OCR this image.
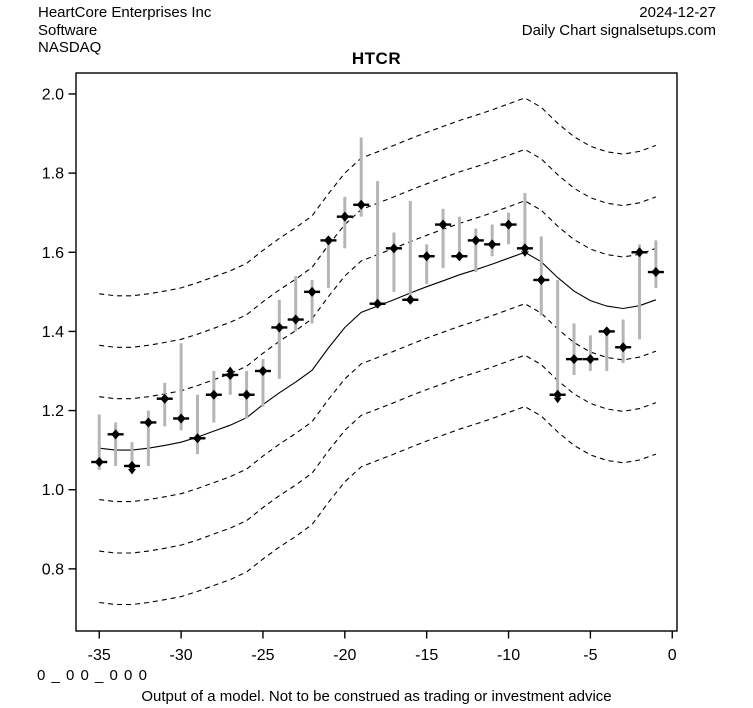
HeartCore Enterprises Inc
Software
NASDAQ
2024-12-27
Daily Chart signalsetups.com
HTCR
0.8
1.0
1.2
1.4
1.6
1.8
2.0
-35	-30	-25	-20	-15	-10	-5	0
0 _ 0 0 _ 0 0 0
Output of a model. Not to be construed as trading or investment advice
